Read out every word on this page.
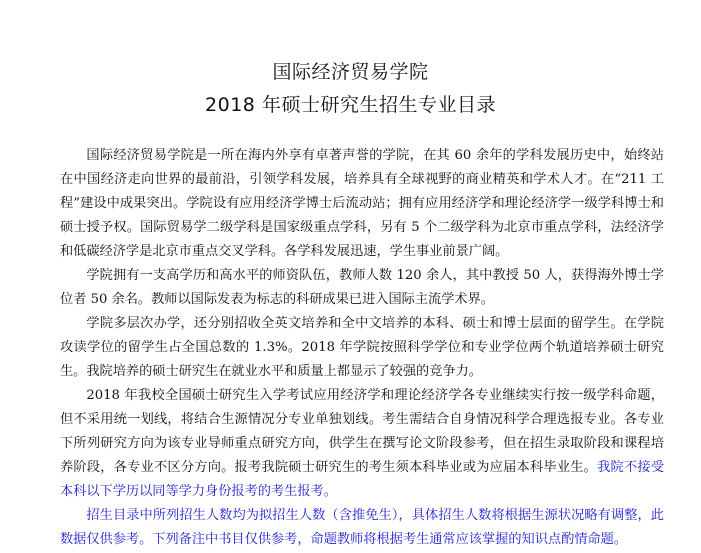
国际经济贸易学院
2018 年硕士研究生招生专业目录

国际经济贸易学院是一所在海内外享有卓著声誉的学院，在其 60 余年的学科发展历史中，始终站在中国经济走向世界的最前沿，引领学科发展，培养具有全球视野的商业精英和学术人才。在“211 工程”建设中成果突出。学院设有应用经济学博士后流动站；拥有应用经济学和理论经济学一级学科博士和硕士授予权。国际贸易学二级学科是国家级重点学科，另有 5 个二级学科为北京市重点学科，法经济学和低碳经济学是北京市重点交叉学科。各学科发展迅速，学生事业前景广阔。

学院拥有一支高学历和高水平的师资队伍，教师人数 120 余人，其中教授 50 人，获得海外博士学位者 50 余名。教师以国际发表为标志的科研成果已进入国际主流学术界。

学院多层次办学，还分别招收全英文培养和全中文培养的本科、硕士和博士层面的留学生。在学院攻读学位的留学生占全国总数的 1.3%。2018 年学院按照科学学位和专业学位两个轨道培养硕士研究生。我院培养的硕士研究生在就业水平和质量上都显示了较强的竞争力。

2018 年我校全国硕士研究生入学考试应用经济学和理论经济学各专业继续实行按一级学科命题，但不采用统一划线，将结合生源情况分专业单独划线。考生需结合自身情况科学合理选报专业。各专业下所列研究方向为该专业导师重点研究方向，供学生在撰写论文阶段参考，但在招生录取阶段和课程培养阶段，各专业不区分方向。报考我院硕士研究生的考生须本科毕业或为应届本科毕业生。我院不接受本科以下学历以同等学力身份报考的考生报考。

招生目录中所列招生人数均为拟招生人数（含推免生），具体招生人数将根据生源状况略有调整，此数据仅供参考。下列备注中书目仅供参考，命题教师将根据考生通常应该掌握的知识点酌情命题。
